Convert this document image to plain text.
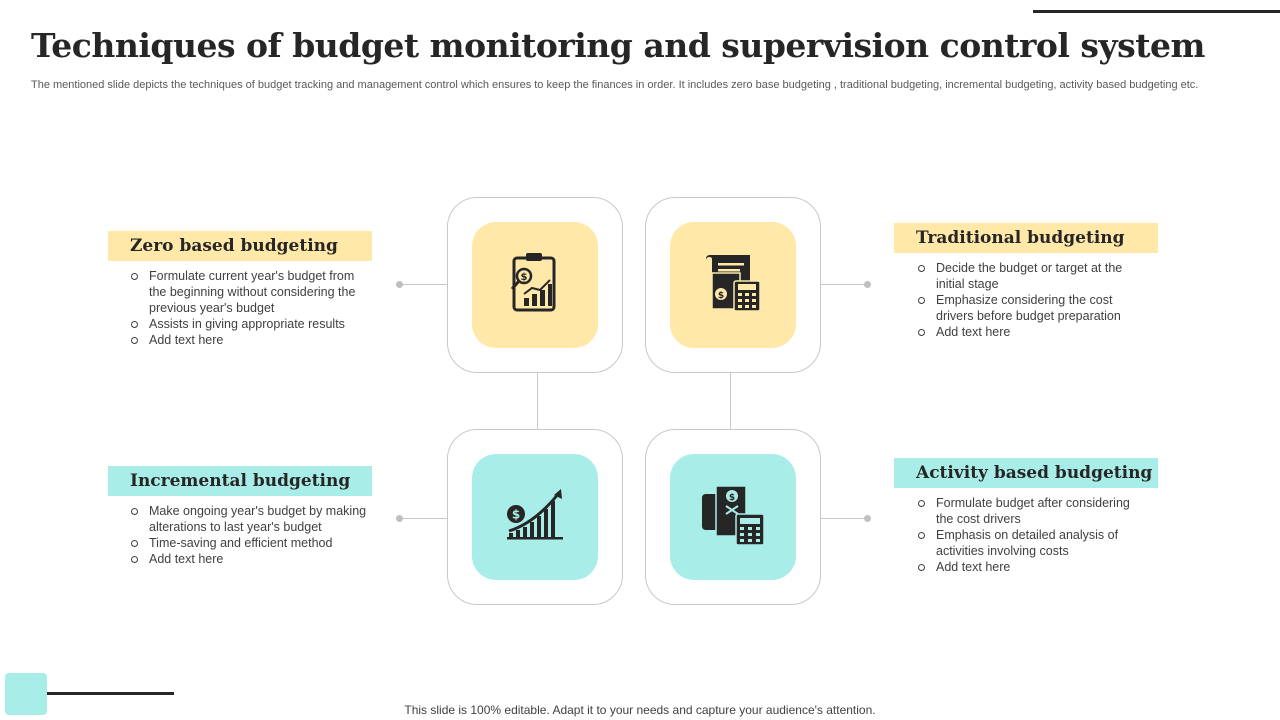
Techniques of budget monitoring and supervision control system

The mentioned slide depicts the techniques of budget tracking and management control which ensures to keep the finances in order. It includes zero base budgeting , traditional budgeting, incremental budgeting, activity based budgeting etc.

Zero based budgeting
Formulate current year's budget from the beginning without considering the previous year's budget
Assists in giving appropriate results
Add text here
Traditional budgeting
Decide the budget or target at the initial stage
Emphasize considering the cost drivers before budget preparation
Add text here
Incremental budgeting
Make ongoing year's budget by making alterations to last year's budget
Time-saving and efficient method
Add text here
Activity based budgeting
Formulate budget after considering the cost drivers
Emphasis on detailed analysis of activities involving costs
Add text here
$
$
$
$
This slide is 100% editable. Adapt it to your needs and capture your audience's attention.
